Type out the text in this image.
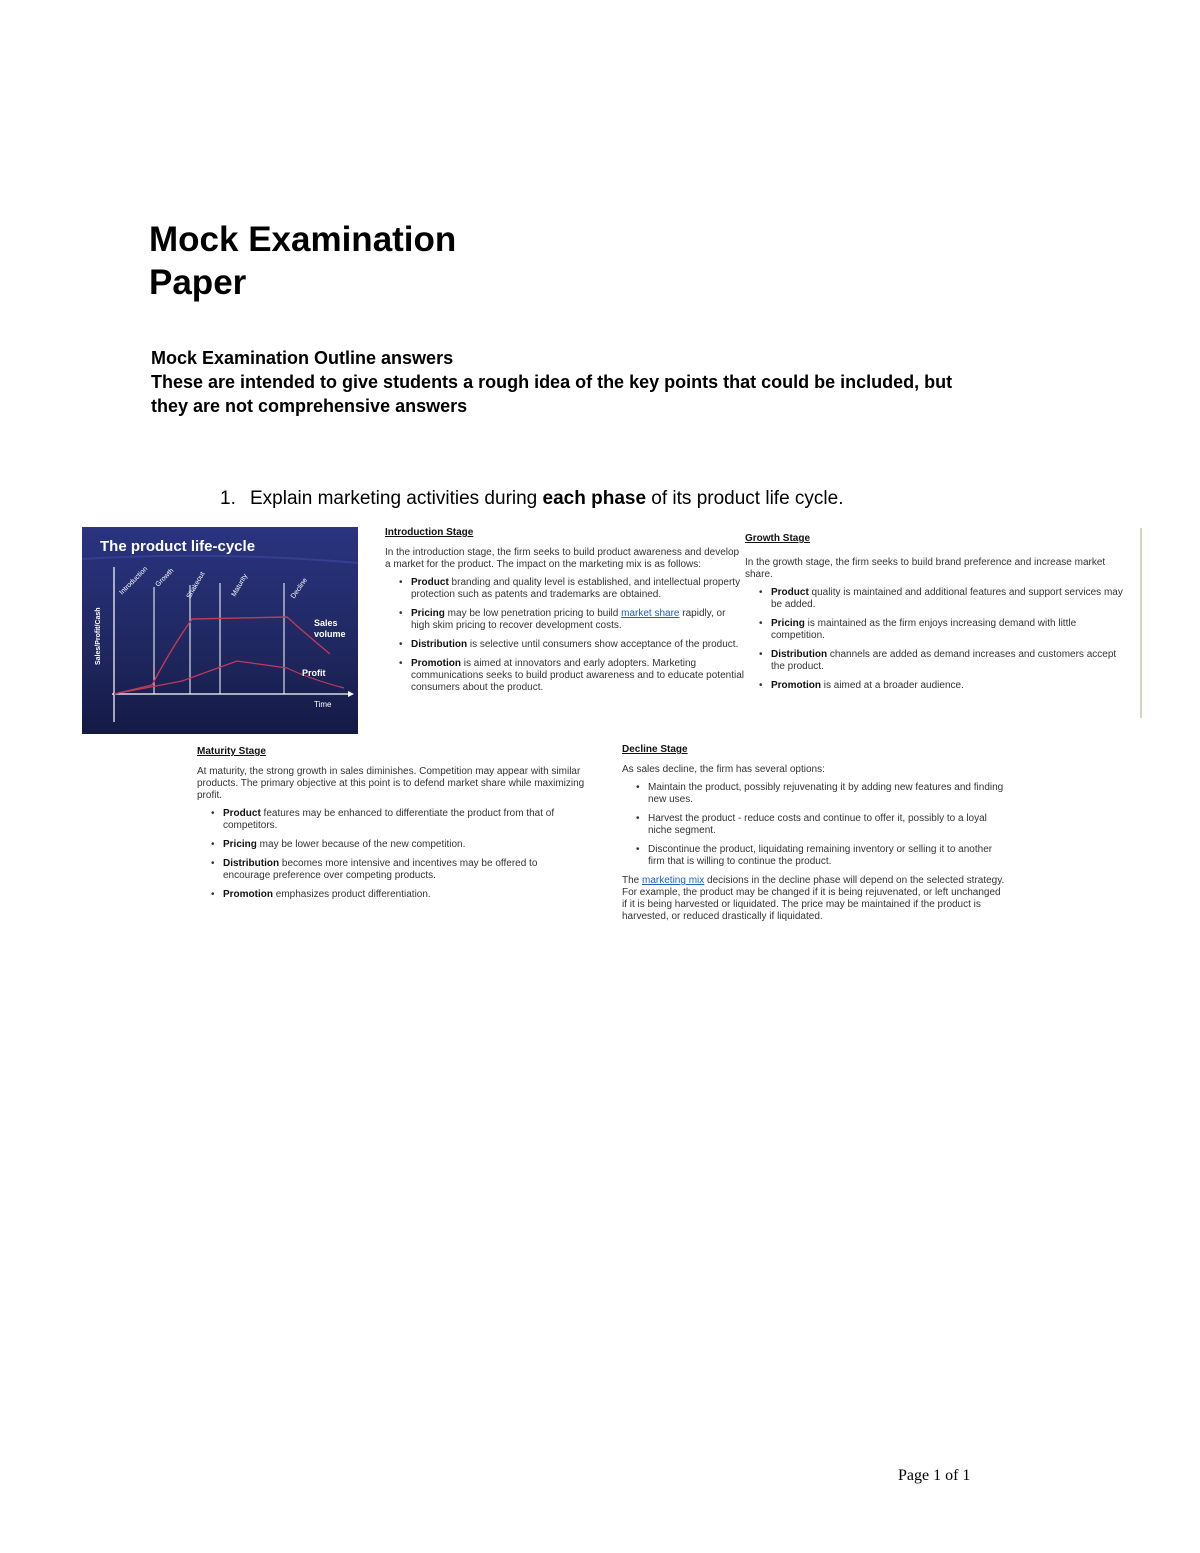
Mock Examination
Paper
Mock Examination Outline answers
These are intended to give students a rough idea of the key points that could be included, but they are not comprehensive answers
1. Explain marketing activities during each phase of its product life cycle.
The product life-cycle
Introduction Growth Shakeout	Maturity	Decline
Sales/Profit/Cash
Time
Sales
volume
Profit
Introduction Stage

In the introduction stage, the firm seeks to build product awareness and develop a market for the product. The impact on the marketing mix is as follows:

• Product branding and quality level is established, and intellectual property protection such as patents and trademarks are obtained.
• Pricing may be low penetration pricing to build market share rapidly, or high skim pricing to recover development costs.
• Distribution is selective until consumers show acceptance of the product.
• Promotion is aimed at innovators and early adopters. Marketing communications seeks to build product awareness and to educate potential consumers about the product.
Growth Stage

In the growth stage, the firm seeks to build brand preference and increase market share.

• Product quality is maintained and additional features and support services may be added.
• Pricing is maintained as the firm enjoys increasing demand with little competition.
• Distribution channels are added as demand increases and customers accept the product.
• Promotion is aimed at a broader audience.
Maturity Stage

At maturity, the strong growth in sales diminishes. Competition may appear with similar products. The primary objective at this point is to defend market share while maximizing profit.

• Product features may be enhanced to differentiate the product from that of competitors.
• Pricing may be lower because of the new competition.
• Distribution becomes more intensive and incentives may be offered to encourage preference over competing products.
• Promotion emphasizes product differentiation.
Decline Stage

As sales decline, the firm has several options:

• Maintain the product, possibly rejuvenating it by adding new features and finding new uses.
• Harvest the product - reduce costs and continue to offer it, possibly to a loyal niche segment.
• Discontinue the product, liquidating remaining inventory or selling it to another firm that is willing to continue the product.

The marketing mix decisions in the decline phase will depend on the selected strategy. For example, the product may be changed if it is being rejuvenated, or left unchanged if it is being harvested or liquidated. The price may be maintained if the product is harvested, or reduced drastically if liquidated.

Page 1 of 1
